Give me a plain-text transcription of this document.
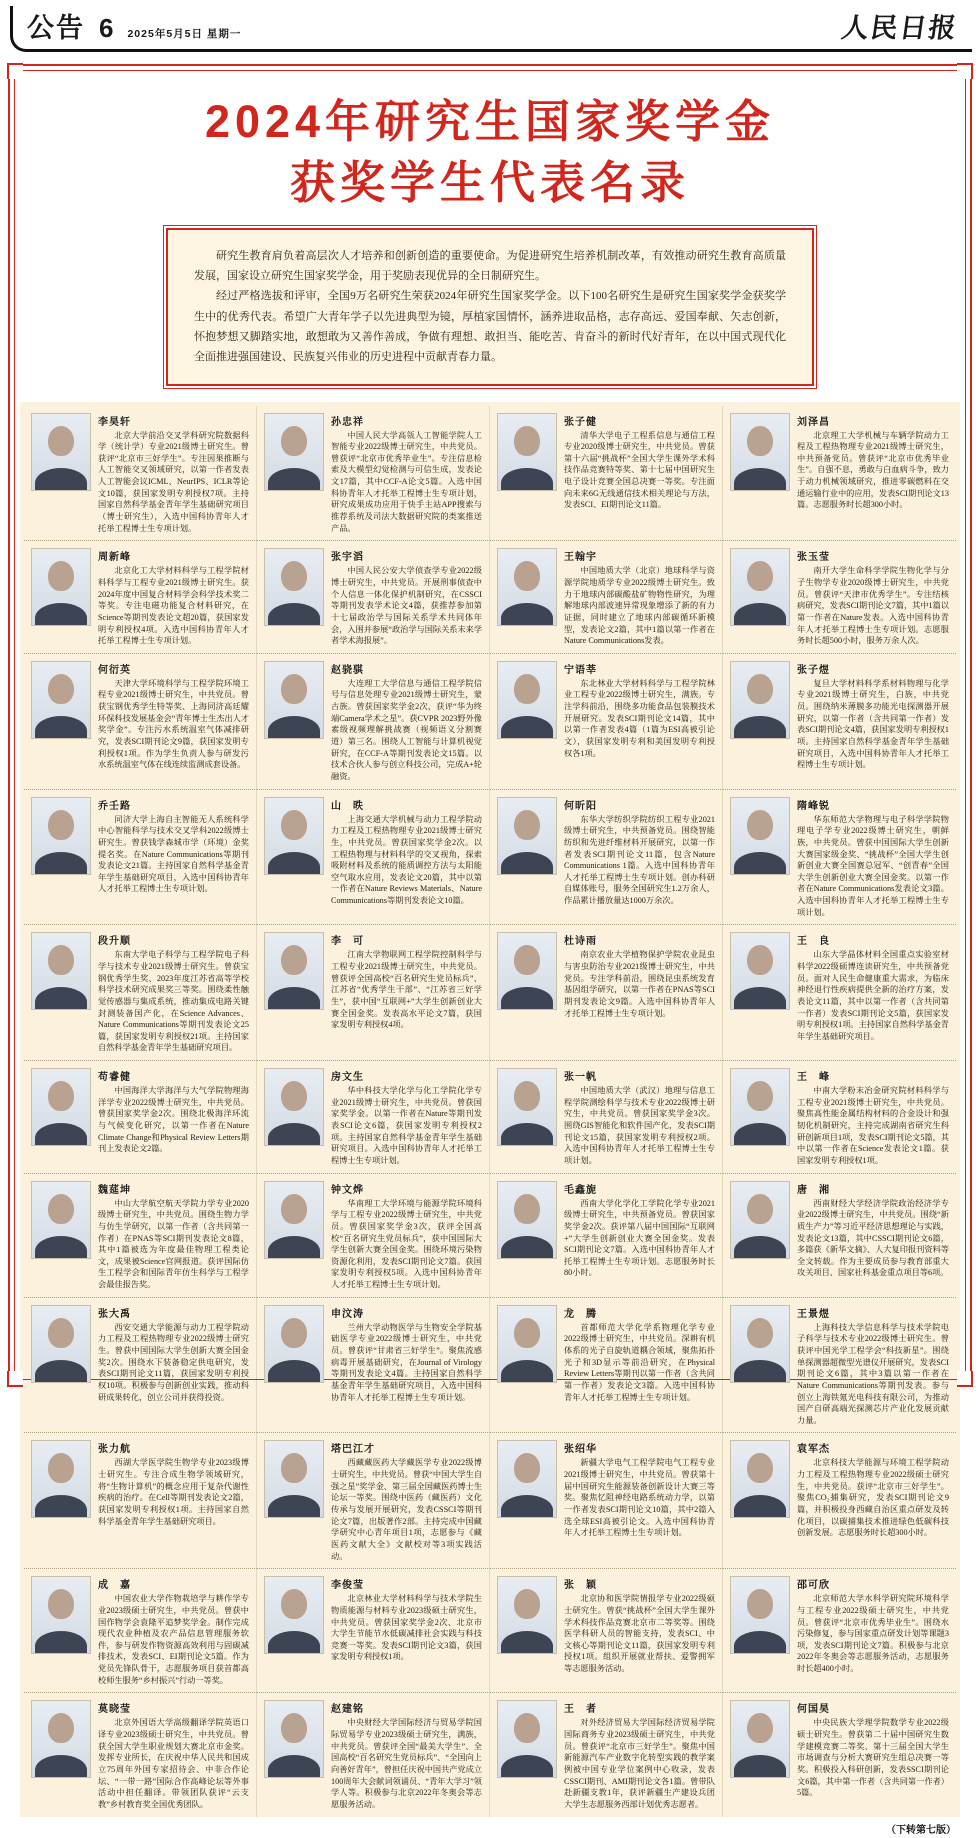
公告 6 2025年5月5日 星期一	人民日报
2024年研究生国家奖学金
获奖学生代表名录

研究生教育肩负着高层次人才培养和创新创造的重要使命。为促进研究生培养机制改革，有效推动研究生教育高质量发展，国家设立研究生国家奖学金，用于奖励表现优异的全日制研究生。

经过严格选拔和评审，全国9万名研究生荣获2024年研究生国家奖学金。以下100名研究生是研究生国家奖学金获奖学生中的优秀代表。希望广大青年学子以先进典型为镜，厚植家国情怀，涵养进取品格，志存高远、爱国奉献、矢志创新，怀抱梦想又脚踏实地，敢想敢为又善作善成，争做有理想、敢担当、能吃苦、肯奋斗的新时代好青年，在以中国式现代化全面推进强国建设、民族复兴伟业的历史进程中贡献青春力量。

李昊轩

北京大学前沿交叉学科研究院数据科学（统计学）专业2021级博士研究生。曾获评“北京市三好学生”。专注因果推断与人工智能交叉领域研究，以第一作者发表人工智能会议ICML、NeurIPS、ICLR等论文10篇，获国家发明专利授权7项。主持国家自然科学基金青年学生基础研究项目（博士研究生），入选中国科协青年人才托举工程博士生专项计划。

孙忠祥

中国人民大学高瓴人工智能学院人工智能专业2022级博士研究生，中共党员。曾获评“北京市优秀毕业生”。专注信息检索及大模型幻觉检测与可信生成，发表论文17篇，其中CCF-A论文5篇。入选中国科协青年人才托举工程博士生专项计划，研究成果成功应用于快手主站APP搜索与推荐系统及司法大数据研究院的类案推送产品。

张子健

清华大学电子工程系信息与通信工程专业2020级博士研究生，中共党员。曾获第十六届“挑战杯”全国大学生课外学术科技作品竞赛特等奖、第十七届中国研究生电子设计竞赛全国总决赛一等奖。专注面向未来6G无线通信技术相关理论与方法，发表SCI、EI期刊论文11篇。

刘泽昌

北京理工大学机械与车辆学院动力工程及工程热物理专业2021级博士研究生，中共预备党员。曾获评“北京市优秀毕业生”。自强不息，勇敢与白血病斗争，致力于动力机械领域研究，推进零碳燃料在交通运输行业中的应用，发表SCI期刊论文13篇。志愿服务时长超300小时。

周新峰

北京化工大学材料科学与工程学院材料科学与工程专业2021级博士研究生。获2024年度中国复合材料学会科学技术奖二等奖。专注电磁功能复合材料研究，在Science等期刊发表论文超20篇，获国家发明专利授权4项。入选中国科协青年人才托举工程博士生专项计划。

张宇滔

中国人民公安大学侦查学专业2022级博士研究生，中共党员。开展刑事侦查中个人信息一体化保护机制研究，在CSSCI等期刊发表学术论文4篇，获推荐参加第十七届政治学与国际关系学术共同体年会，入围并参展“政治学与国际关系未来学者学术海报展”。

王翰宇

中国地质大学（北京）地球科学与资源学院地质学专业2022级博士研究生。致力于地球内部碳酸盐矿物物性研究，为理解地球内部波速异常现象增添了新的有力证据，同时建立了地球内部碳循环新模型，发表论文2篇，其中1篇以第一作者在Nature Communications发表。

张玉莹

南开大学生命科学学院生物化学与分子生物学专业2020级博士研究生，中共党员。曾获评“天津市优秀学生”。专注结核病研究，发表SCI期刊论文7篇，其中1篇以第一作者在Nature发表。入选中国科协青年人才托举工程博士生专项计划。志愿服务时长超500小时，服务万余人次。

何衍英

天津大学环境科学与工程学院环境工程专业2021级博士研究生，中共党员。曾获宝钢优秀学生特等奖、上海同济高廷耀环保科技发展基金会“青年博士生杰出人才奖学金”。专注污水系统温室气体减排研究，发表SCI期刊论文9篇，获国家发明专利授权1项。作为学生负责人参与研发污水系统温室气体在线连续监测成套设备。

赵骁骐

大连理工大学信息与通信工程学院信号与信息处理专业2021级博士研究生，蒙古族。曾获国家奖学金2次，获评“华为终端Camera学术之星”。获CVPR 2023野外像素级视频理解挑战赛（视频语义分割赛道）第三名。围绕人工智能与计算机视觉研究，在CCF-A等期刊发表论文15篇。以技术合伙人参与创立科技公司，完成A+轮融资。

宁语莘

东北林业大学材料科学与工程学院林业工程专业2022级博士研究生，满族。专注学科前沿，围绕多功能食品包装膜技术开展研究。发表SCI期刊论文14篇，其中以第一作者发表4篇（1篇为ESI高被引论文），获国家发明专利和美国发明专利授权各1项。

张子煜

复旦大学材料科学系材料物理与化学专业2021级博士研究生，白族，中共党员。围绕纳米薄膜多功能光电探测器开展研究，以第一作者（含共同第一作者）发表SCI期刊论文4篇，获国家发明专利授权1项。主持国家自然科学基金青年学生基础研究项目，入选中国科协青年人才托举工程博士生专项计划。

乔壬路

同济大学上海自主智能无人系统科学中心智能科学与技术交叉学科2022级博士研究生。曾获钱学森城市学（环境）金奖提名奖。在Nature Communications等期刊发表论文21篇。主持国家自然科学基金青年学生基础研究项目，入选中国科协青年人才托举工程博士生专项计划。

山　昳

上海交通大学机械与动力工程学院动力工程及工程热物理专业2021级博士研究生，中共党员。曾获国家奖学金2次。以工程热物理与材料科学的交叉视角，探索吸附材料及系统的能质调控方法与太阳能空气取水应用，发表论文20篇，其中以第一作者在Nature Reviews Materials、Nature Communications等期刊发表论文10篇。

何昕阳

东华大学纺织学院纺织工程专业2021级博士研究生，中共预备党员。围绕智能纺织和先进纤维材料开展研究，以第一作者发表SCI期刊论文11篇，包含Nature Communications 1篇。入选中国科协青年人才托举工程博士生专项计划。创办科研自媒体账号，服务全国研究生1.2万余人，作品累计播放量达1000万余次。

隋峰锐

华东师范大学物理与电子科学学院物理电子学专业2022级博士研究生，朝鲜族，中共党员。曾获中国国际大学生创新大赛国家级金奖、“挑战杯”全国大学生创新创业大赛全国赛总冠军、“创青春”全国大学生创新创业大赛全国金奖。以第一作者在Nature Communications发表论文3篇。入选中国科协青年人才托举工程博士生专项计划。

段升顺

东南大学电子科学与工程学院电子科学与技术专业2021级博士研究生。曾获宝钢优秀学生奖、2023年度江苏省高等学校科学技术研究成果奖三等奖。围绕柔性触觉传感器与集成系统，推动集成电路关键封测装备国产化，在Science Advances、Nature Communications等期刊发表论文25篇，获国家发明专利授权21项。主持国家自然科学基金青年学生基础研究项目。

李　可

江南大学物联网工程学院控制科学与工程专业2021级博士研究生，中共党员。曾获评全国高校“百名研究生党员标兵”、江苏省“优秀学生干部”、“江苏省三好学生”，获中国“互联网+”大学生创新创业大赛全国金奖。发表高水平论文7篇，获国家发明专利授权4项。

杜诗雨

南京农业大学植物保护学院农业昆虫与害虫防治专业2021级博士研究生，中共党员。专注学科前沿，围绕昆虫系统发育基因组学研究，以第一作者在PNAS等SCI期刊发表论文9篇。入选中国科协青年人才托举工程博士生专项计划。

王　良

山东大学晶体材料全国重点实验室材料学2022级硕博连读研究生，中共预备党员。面对人民生命健康重大需求，为临床神经退行性疾病提供全新的治疗方案，发表论文11篇，其中以第一作者（含共同第一作者）发表SCI期刊论文5篇，获国家发明专利授权1项。主持国家自然科学基金青年学生基础研究项目。

苟睿健

中国海洋大学海洋与大气学院物理海洋学专业2022级博士研究生，中共党员。曾获国家奖学金2次。围绕北极海洋环流与气候变化研究，以第一作者在Nature Climate Change和Physical Review Letters期刊上发表论文2篇。

房文生

华中科技大学化学与化工学院化学专业2021级博士研究生，中共党员。曾获国家奖学金。以第一作者在Nature等期刊发表SCI论文6篇，获国家发明专利授权2项。主持国家自然科学基金青年学生基础研究项目。入选中国科协青年人才托举工程博士生专项计划。

张一帆

中国地质大学（武汉）地理与信息工程学院测绘科学与技术专业2022级博士研究生，中共党员。曾获国家奖学金3次。围绕GIS智能化和软件国产化，发表SCI期刊论文15篇，获国家发明专利授权2项。入选中国科协青年人才托举工程博士生专项计划。

王　峰

中南大学粉末冶金研究院材料科学与工程专业2021级博士研究生，中共党员。聚焦高性能金属结构材料的合金设计和强韧化机制研究，主持完成湖南省研究生科研创新项目1项，发表SCI期刊论文5篇，其中以第一作者在Science发表论文1篇。获国家发明专利授权1项。

魏莚坤

中山大学航空航天学院力学专业2020级博士研究生，中共党员。围绕生物力学与仿生学研究，以第一作者（含共同第一作者）在PNAS等SCI期刊发表论文8篇，其中1篇被选为年度最佳物理工程类论文，成果被Science官网报道。获评国际仿生工程学会和国际青年仿生科学与工程学会最佳报告奖。

钟文烨

华南理工大学环境与能源学院环境科学与工程专业2022级博士研究生，中共党员。曾获国家奖学金3次，获评全国高校“百名研究生党员标兵”，获中国国际大学生创新大赛全国金奖。围绕环境污染物资源化利用，发表SCI期刊论文7篇。获国家发明专利授权5项。入选中国科协青年人才托举工程博士生专项计划。

毛鑫旎

西南大学化学化工学院化学专业2021级博士研究生，中共预备党员。曾获国家奖学金2次。获评第八届中国国际“互联网+”大学生创新创业大赛全国金奖。发表SCI期刊论文7篇。入选中国科协青年人才托举工程博士生专项计划。志愿服务时长80小时。

唐　湘

西南财经大学经济学院政治经济学专业2022级博士研究生，中共党员。围绕“新质生产力”等习近平经济思想理论与实践，发表论文13篇，其中CSSCI期刊论文6篇，多篇获《新华文摘》、人大复印报刊资料等全文转载。作为主要成员参与教育部重大攻关项目、国家社科基金重点项目等6项。

张大禹

西安交通大学能源与动力工程学院动力工程及工程热物理专业2022级博士研究生。曾获中国国际大学生创新大赛全国金奖2次。围绕水下装备稳定供电研究，发表SCI期刊论文11篇，获国家发明专利授权10项。积极参与创新创业实践，推动科研成果转化，创立公司并获得投资。

申汶涛

兰州大学动物医学与生物安全学院基础医学专业2022级博士研究生，中共党员。曾获评“甘肃省三好学生”。聚焦流感病毒开展基础研究，在Journal of Virology等期刊发表论文4篇。主持国家自然科学基金青年学生基础研究项目，入选中国科协青年人才托举工程博士生专项计划。

龙　腾

首都师范大学化学系物理化学专业2022级博士研究生，中共党员。深耕有机体系的光子自旋轨道耦合领域，聚焦拓扑光子和3D显示等前沿研究，在Physical Review Letters等期刊以第一作者（含共同第一作者）发表论文3篇。入选中国科协青年人才托举工程博士生专项计划。

王景煜

上海科技大学信息科学与技术学院电子科学与技术专业2022级博士研究生。曾获评中国光学工程学会“科技新星”。围绕单探测器超微型光谱仪开展研究，发表SCI期刊论文6篇，其中3篇以第一作者在Nature Communications等期刊发表。参与创立上海铁氪光电科技有限公司，为推动国产自研高端光探测芯片产业化发展贡献力量。

张力航

西湖大学医学院生物学专业2023级博士研究生。专注合成生物学领域研究，将“生物计算机”的概念应用于复杂代谢性疾病的治疗。在Cell等期刊发表论文2篇，获国家发明专利授权1项。主持国家自然科学基金青年学生基础研究项目。

塔巴江才

西藏藏医药大学藏医学专业2022级博士研究生，中共党员。曾获“中国大学生自强之星”奖学金、第三届全国藏医药博士生论坛一等奖。围绕中医药（藏医药）文化传承与发展开展研究，发表CSSCI等期刊论文7篇，出版著作2部。主持完成中国藏学研究中心青年项目1项，志愿参与《藏医药文献大全》文献校对等3项实践活动。

张绍华

新疆大学电气工程学院电气工程专业2021级博士研究生，中共党员。曾获第十届中国研究生能源装备创新设计大赛三等奖。聚焦忆阻神经电路系统动力学，以第一作者发表SCI期刊论文10篇，其中2篇入选全球ESI高被引论文。入选中国科协青年人才托举工程博士生专项计划。

袁军杰

北京科技大学能源与环境工程学院动力工程及工程热物理专业2022级硕士研究生，中共党员。获评“北京市三好学生”。聚焦CO₂捕集研究，发表SCI期刊论文9篇，并积极投身西藏自治区重点研发及转化项目，以碳捕集技术推进绿色低碳科技创新发展。志愿服务时长超300小时。

成　嘉

中国农业大学作物栽培学与耕作学专业2023级硕士研究生，中共党员。曾获中国作物学会袁隆平追梦奖学金。制作完成现代农业种植及农产品信息管理服务软件，参与研发作物资源高效利用与固碳减排技术，发表SCI、EI期刊论文5篇。作为党员先锋队骨干，志愿服务项目获首都高校师生服务“乡村振兴”行动一等奖。

李俊莹

北京林业大学材料科学与技术学院生物质能源与材料专业2023级硕士研究生，中共党员。曾获国家奖学金2次、北京市大学生节能节水低碳减排社会实践与科技竞赛一等奖。发表SCI期刊论文3篇，获国家发明专利授权1项。

张　颖

北京协和医学院情报学专业2022级硕士研究生。曾获“挑战杯”全国大学生课外学术科技作品竞赛北京市二等奖等。围绕医学科研人员的智能支持，发表SCI、中文核心等期刊论文11篇，获国家发明专利授权1项。组织开展就业帮扶、爱警拥军等志愿服务活动。

邵可欣

北京师范大学水科学研究院环境科学与工程专业2022级硕士研究生，中共党员。曾获评“北京市优秀毕业生”。围绕水污染修复，参与国家重点研发计划等课题3项，发表SCI期刊论文7篇。积极参与北京2022年冬奥会等志愿服务活动，志愿服务时长超400小时。

莫晓莹

北京外国语大学高级翻译学院英语口译专业2023级硕士研究生，中共党员。曾获全国大学生职业规划大赛北京市金奖。发挥专业所长，在庆祝中华人民共和国成立75周年外国专家招待会、中非合作论坛、“一带一路”国际合作高峰论坛等外事活动中担任翻译。带领团队获评“云支教”乡村教育奖全国优秀团队。

赵建铭

中央财经大学国际经济与贸易学院国际贸易学专业2023级硕士研究生，满族，中共党员。曾获评全国“最美大学生”、全国高校“百名研究生党员标兵”、“全国向上向善好青年”，曾担任庆祝中国共产党成立100周年大会献词领诵员、“青年大学习”领学人等。积极参与北京2022年冬奥会等志愿服务活动。

王　者

对外经济贸易大学国际经济贸易学院国际商务专业2023级硕士研究生，中共党员。曾获评“北京市三好学生”。聚焦中国新能源汽车产业数字化转型实践的教学案例被中国专业学位案例中心收录，发表CSSCI期刊、AMI期刊论文各1篇。曾带队赴新疆支教1年，获评新疆生产建设兵团大学生志愿服务西部计划优秀志愿者。

何国昊

中央民族大学理学院数学专业2022级硕士研究生。曾获第二十届中国研究生数学建模竞赛二等奖、第十三届全国大学生市场调查与分析大赛研究生组总决赛一等奖。积极投入科研创新，发表SSCI期刊论文6篇，其中第一作者（含共同第一作者）5篇。

（下转第七版）
